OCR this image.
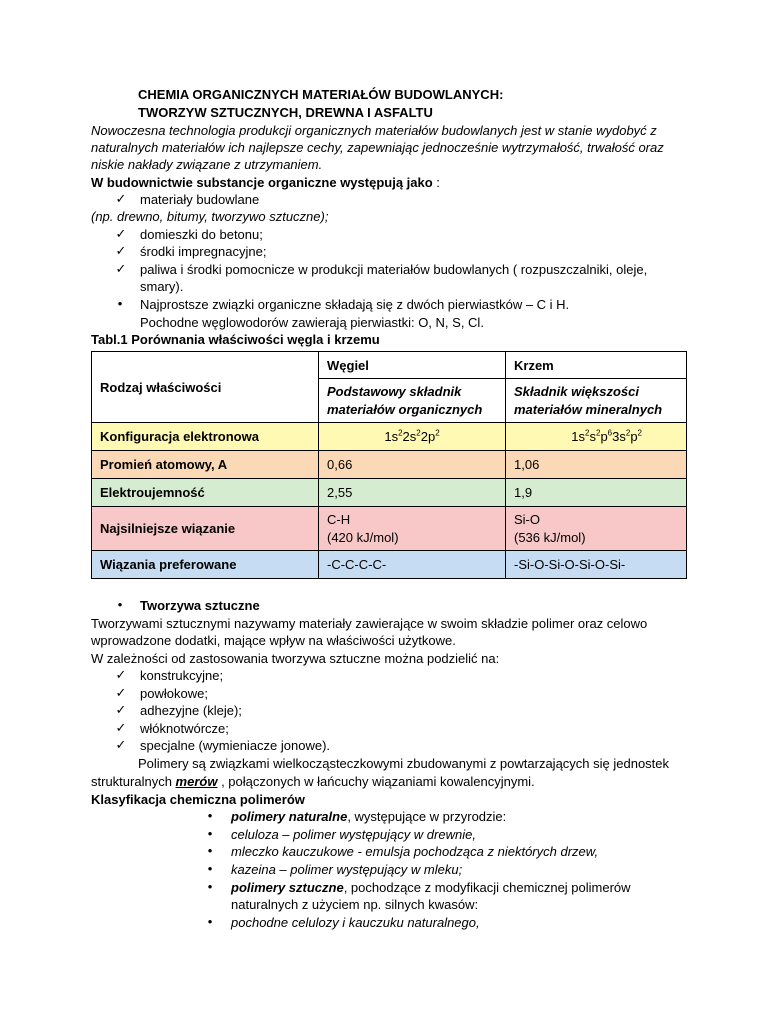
CHEMIA ORGANICZNYCH MATERIAŁÓW BUDOWLANYCH:
TWORZYW SZTUCZNYCH, DREWNA I ASFALTU
Nowoczesna technologia produkcji organicznych materiałów budowlanych jest w stanie wydobyć z
naturalnych materiałów ich najlepsze cechy, zapewniając jednocześnie wytrzymałość, trwałość oraz
niskie nakłady związane z utrzymaniem.
W budownictwie substancje organiczne występują jako :
✓ materiały budowlane
(np. drewno, bitumy, tworzywo sztuczne);
✓ domieszki do betonu;
✓ środki impregnacyjne;
✓ paliwa i środki pomocnicze w produkcji materiałów budowlanych ( rozpuszczalniki, oleje,
smary).
• Najprostsze związki organiczne składają się z dwóch pierwiastków – C i H.
Pochodne węglowodorów zawierają pierwiastki: O, N, S, Cl.
Tabl.1 Porównania właściwości węgla i krzemu
Rodzaj właściwości	Węgiel	Krzem
	Podstawowy składnik
materiałów organicznych	Składnik większości
materiałów mineralnych
Konfiguracja elektronowa	$1s^22s^22p^2$	$1s^2s^2p^63s^2p^2$
Promień atomowy, A	0,66	1,06
Elektroujemność	2,55	1,9
Najsilniejsze wiązanie	C-H
(420 kJ/mol)	Si-O
(536 kJ/mol)
Wiązania preferowane	-C-C-C-C-	-Si-O-Si-O-Si-O-Si-
• Tworzywa sztuczne
Tworzywami sztucznymi nazywamy materiały zawierające w swoim składzie polimer oraz celowo
wprowadzone dodatki, mające wpływ na właściwości użytkowe.
W zależności od zastosowania tworzywa sztuczne można podzielić na:
✓ konstrukcyjne;
✓ powłokowe;
✓ adhezyjne (kleje);
✓ włóknotwórcze;
✓ specjalne (wymieniacze jonowe).
Polimery są związkami wielkocząsteczkowymi zbudowanymi z powtarzających się jednostek
strukturalnych merów , połączonych w łańcuchy wiązaniami kowalencyjnymi.
Klasyfikacja chemiczna polimerów
• polimery naturalne, występujące w przyrodzie:
• celuloza – polimer występujący w drewnie,
• mleczko kauczukowe - emulsja pochodząca z niektórych drzew,
• kazeina – polimer występujący w mleku;
• polimery sztuczne, pochodzące z modyfikacji chemicznej polimerów
naturalnych z użyciem np. silnych kwasów:
• pochodne celulozy i kauczuku naturalnego,
